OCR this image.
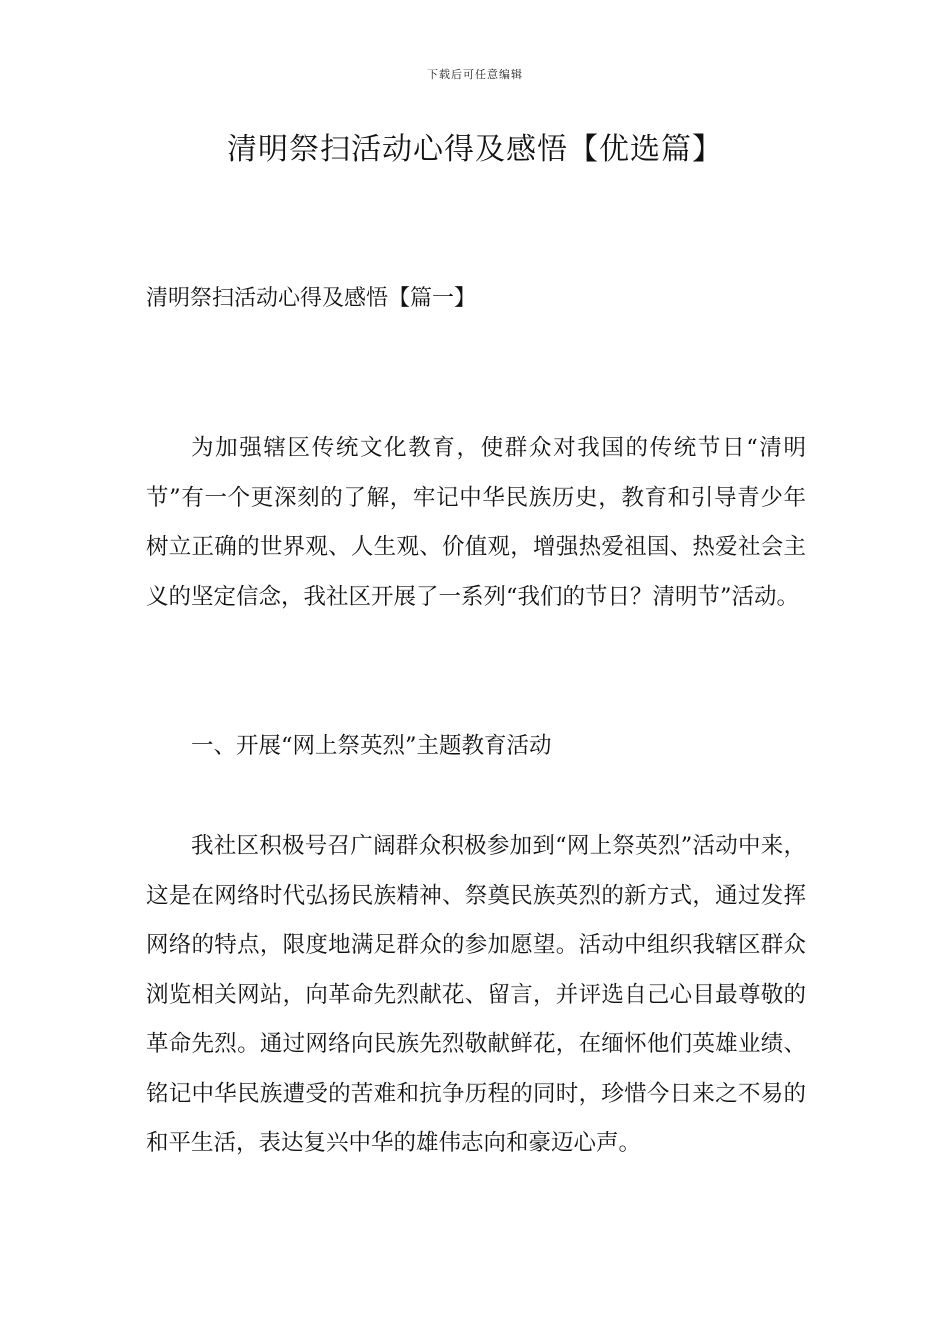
下载后可任意编辑
清明祭扫活动心得及感悟【优选篇】
清明祭扫活动心得及感悟【篇一】
为加强辖区传统文化教育，使群众对我国的传统节日“清明节”有一个更深刻的了解，牢记中华民族历史，教育和引导青少年树立正确的世界观、人生观、价值观，增强热爱祖国、热爱社会主义的坚定信念，我社区开展了一系列“我们的节日？清明节”活动。
一、开展“网上祭英烈”主题教育活动
我社区积极号召广阔群众积极参加到“网上祭英烈”活动中来，这是在网络时代弘扬民族精神、祭奠民族英烈的新方式，通过发挥网络的特点，限度地满足群众的参加愿望。活动中组织我辖区群众浏览相关网站，向革命先烈献花、留言，并评选自己心目最尊敬的革命先烈。通过网络向民族先烈敬献鲜花，在缅怀他们英雄业绩、铭记中华民族遭受的苦难和抗争历程的同时，珍惜今日来之不易的和平生活，表达复兴中华的雄伟志向和豪迈心声。
